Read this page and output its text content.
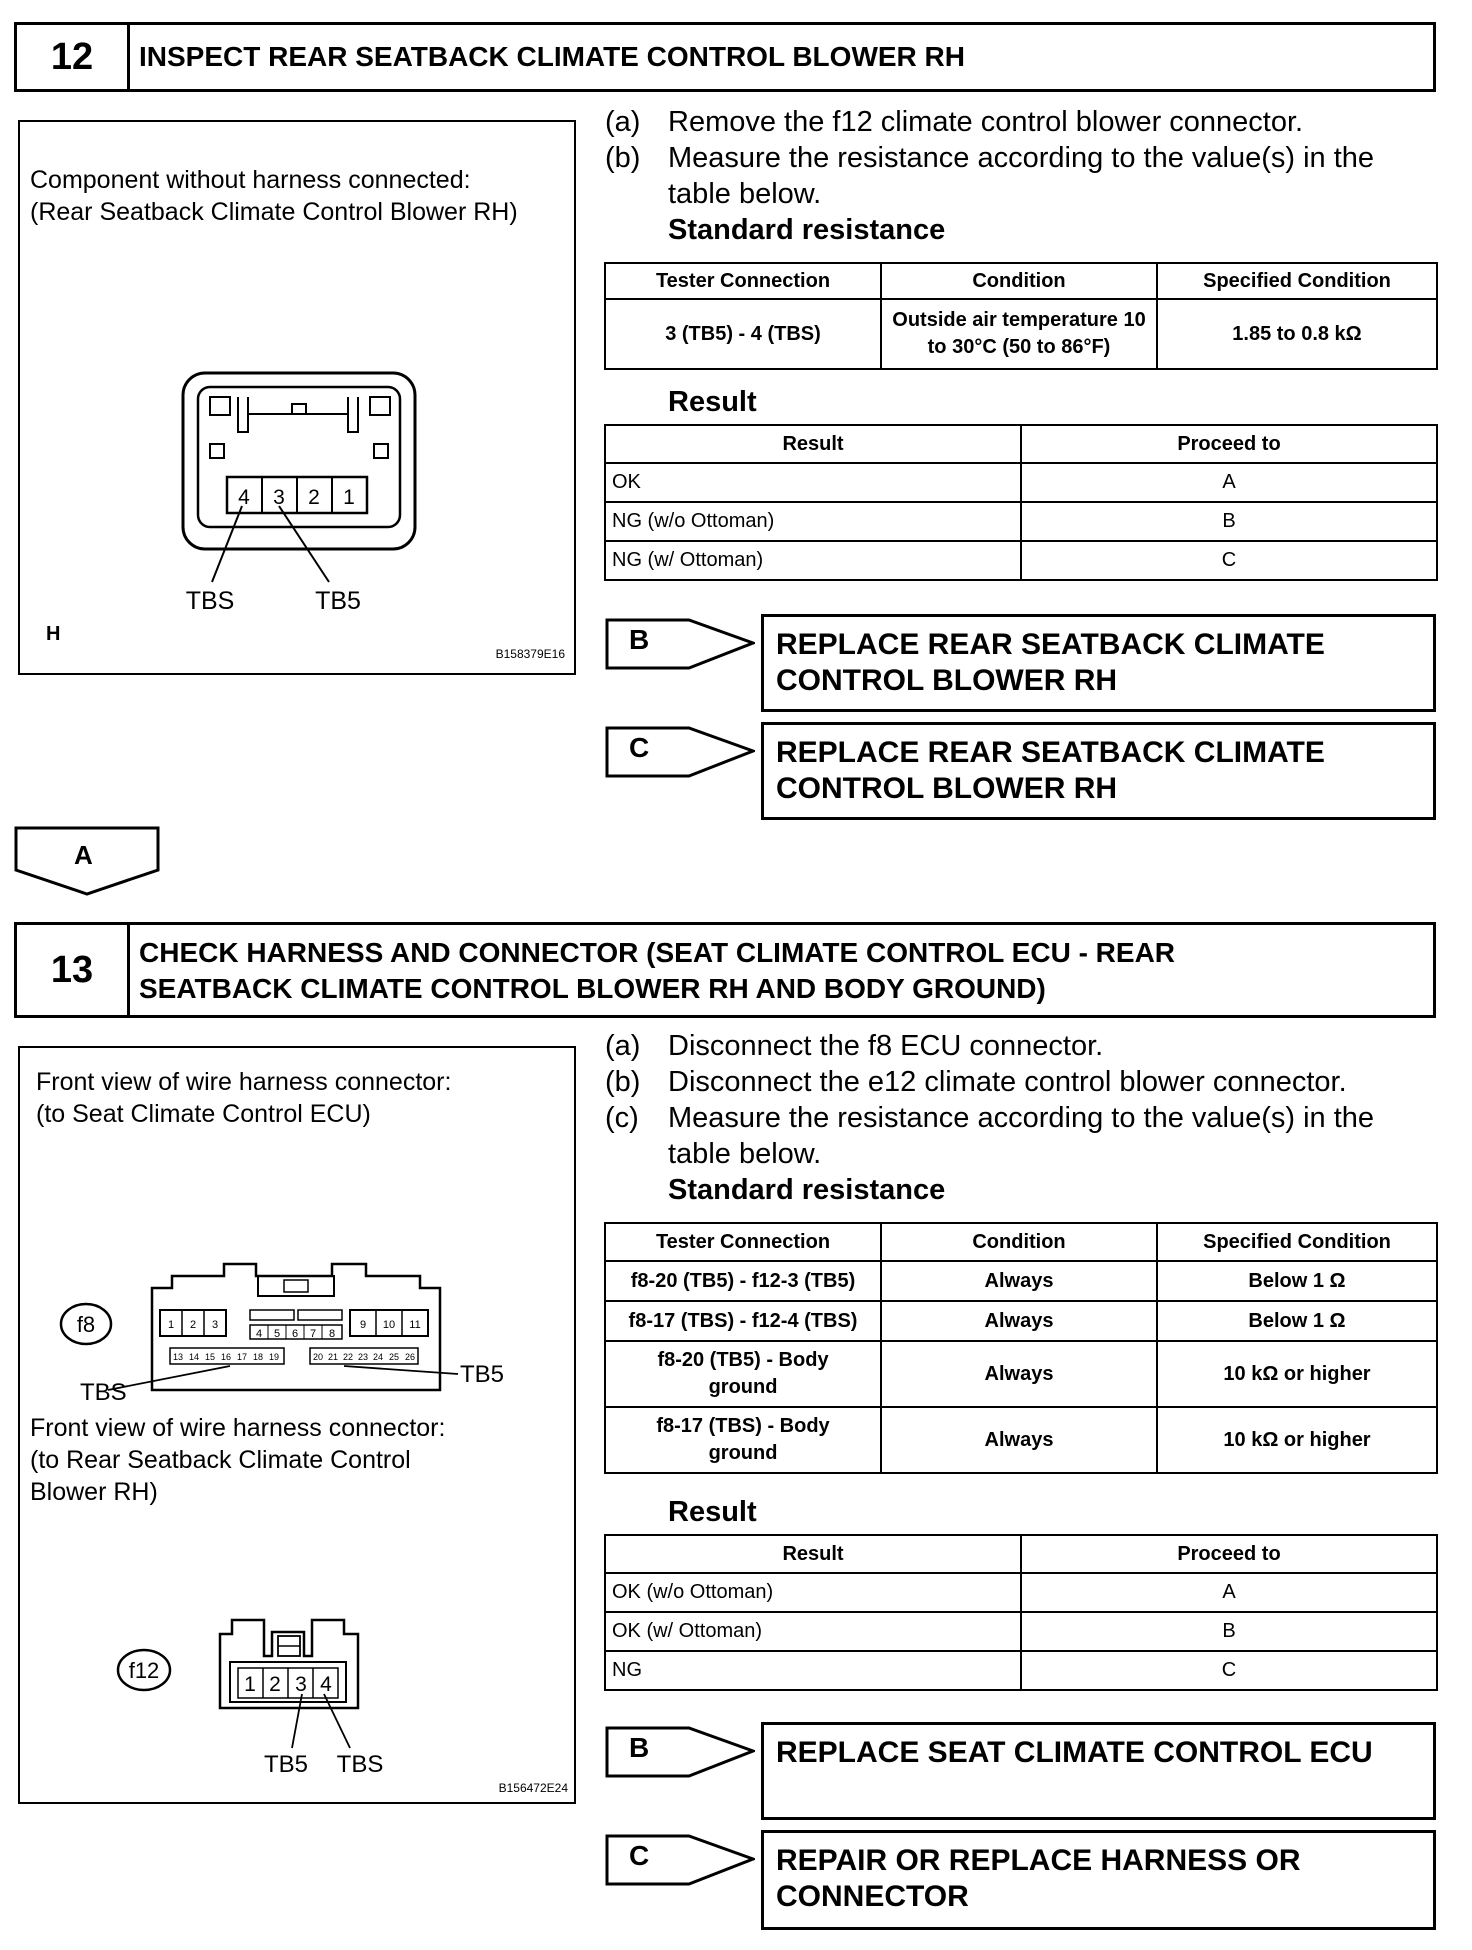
12	INSPECT REAR SEATBACK CLIMATE CONTROL BLOWER RH
Component without harness connected:
(Rear Seatback Climate Control Blower RH)
4 3 2 1
TBS	TB5
H
B158379E16
(a) Remove the f12 climate control blower connector.
(b) Measure the resistance according to the value(s) in the table below.
Standard resistance
Tester Connection	Condition	Specified Condition
3 (TB5) - 4 (TBS)	Outside air temperature 10 to 30°C (50 to 86°F)	1.85 to 0.8 kΩ
Result
Result	Proceed to
OK	A
NG (w/o Ottoman)	B
NG (w/ Ottoman)	C
B	REPLACE REAR SEATBACK CLIMATE CONTROL BLOWER RH
C	REPLACE REAR SEATBACK CLIMATE CONTROL BLOWER RH
A
13	CHECK HARNESS AND CONNECTOR (SEAT CLIMATE CONTROL ECU - REAR
SEATBACK CLIMATE CONTROL BLOWER RH AND BODY GROUND)
Front view of wire harness connector:
(to Seat Climate Control ECU)
Front view of wire harness connector:
(to Rear Seatback Climate Control
Blower RH)
f8	1 2 3
4 5 6 7 8
9 10 11
13 14 15 16 17 18 19	20 21 22 23 24 25 26
TBS
TB5
f12
1 2 3 4
TB5 TBS
B156472E24
(a) Disconnect the f8 ECU connector.
(b) Disconnect the e12 climate control blower connector.
(c) Measure the resistance according to the value(s) in the table below.
Standard resistance
Tester Connection	Condition	Specified Condition
f8-20 (TB5) - f12-3 (TB5)	Always	Below 1 Ω
f8-17 (TBS) - f12-4 (TBS)	Always	Below 1 Ω
f8-20 (TB5) - Body ground	Always	10 kΩ or higher
f8-17 (TBS) - Body ground	Always	10 kΩ or higher
Result
Result	Proceed to
OK (w/o Ottoman)	A
OK (w/ Ottoman)	B
NG	C
B	REPLACE SEAT CLIMATE CONTROL ECU
C	REPAIR OR REPLACE HARNESS OR CONNECTOR
